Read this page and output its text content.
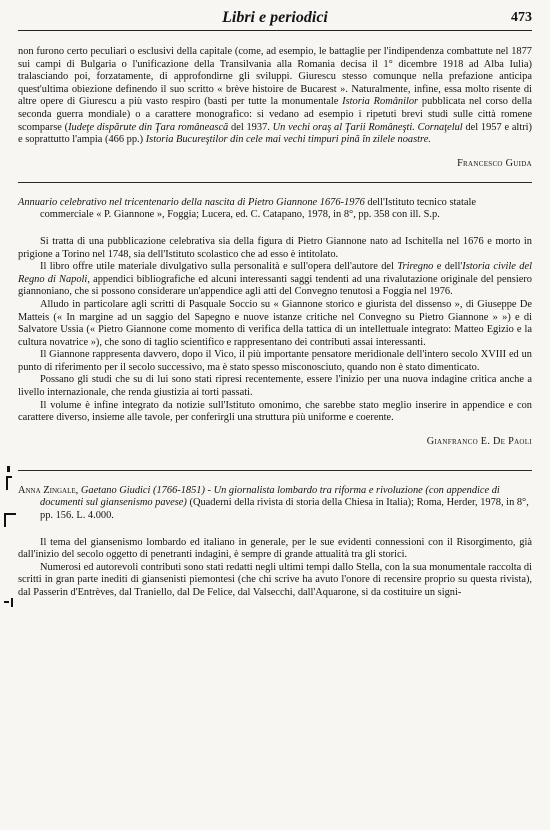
Libri e periodici	473

non furono certo peculiari o esclusivi della capitale (come, ad esempio, le battaglie per l'indipendenza combattute nel 1877 sui campi di Bulgaria o l'unificazione della Transilvania alla Romania decisa il 1° dicembre 1918 ad Alba Iulia) tralasciando poi, forzatamente, di approfondirne gli sviluppi. Giurescu stesso comunque nella prefazione anticipa quest'ultima obiezione definendo il suo scritto « brève histoire de Bucarest ». Naturalmente, infine, essa molto risente di altre opere di Giurescu a più vasto respiro (basti per tutte la monumentale Istoria Românilor pubblicata nel corso della seconda guerra mondiale) o a carattere monografico: si vedano ad esempio i ripetuti brevi studi sulle città romene scomparse (Iudeţe dispărute din Ţara românească del 1937. Un vechi oraş al Ţarii Româneşti. Cornaţelul del 1957 e altri) e soprattutto l'ampia (466 pp.) Istoria Bucureştilor din cele mai vechi timpuri pină în zilele noastre.

Francesco Guida

Annuario celebrativo nel tricentenario della nascita di Pietro Giannone 1676-1976 dell'Istituto tecnico statale commerciale « P. Giannone », Foggia; Lucera, ed. C. Catapano, 1978, in 8°, pp. 358 con ill. S.p.

Si tratta di una pubblicazione celebrativa sia della figura di Pietro Giannone nato ad Ischitella nel 1676 e morto in prigione a Torino nel 1748, sia dell'Istituto scolastico che ad esso è intitolato.

Il libro offre utile materiale divulgativo sulla personalità e sull'opera dell'autore del Triregno e dell'Istoria civile del Regno di Napoli, appendici bibliografiche ed alcuni interessanti saggi tendenti ad una rivalutazione originale del pensiero giannoniano, che si possono considerare un'appendice agli atti del Convegno tenutosi a Foggia nel 1976.

Alludo in particolare agli scritti di Pasquale Soccio su « Giannone storico e giurista del dissenso », di Giuseppe De Matteis (« In margine ad un saggio del Sapegno e nuove istanze critiche nel Convegno su Pietro Giannone » ») e di Salvatore Ussia (« Pietro Giannone come momento di verifica della tattica di un intellettuale integrato: Matteo Egizio e la cultura novatrice »), che sono di taglio scientifico e rappresentano dei contributi assai interessanti.

Il Giannone rappresenta davvero, dopo il Vico, il più importante pensatore meridionale dell'intero secolo XVIII ed un punto di riferimento per il secolo successivo, ma è stato spesso misconosciuto, quando non è stato dimenticato.

Possano gli studi che su di lui sono stati ripresi recentemente, essere l'inizio per una nuova indagine critica anche a livello internazionale, che renda giustizia ai torti passati.

Il volume è infine integrato da notizie sull'Istituto omonimo, che sarebbe stato meglio inserire in appendice e con carattere diverso, insieme alle tavole, per conferirgli una struttura più uniforme e coerente.

Gianfranco E. De Paoli

Anna Zingale, Gaetano Giudici (1766-1851) - Un giornalista lombardo tra riforma e rivoluzione (con appendice di documenti sul giansenismo pavese) (Quaderni della rivista di storia della Chiesa in Italia); Roma, Herder, 1978, in 8°, pp. 156. L. 4.000.

Il tema del giansenismo lombardo ed italiano in generale, per le sue evidenti connessioni con il Risorgimento, già dall'inizio del secolo oggetto di penetranti indagini, è sempre di grande attualità tra gli storici.

Numerosi ed autorevoli contributi sono stati redatti negli ultimi tempi dallo Stella, con la sua monumentale raccolta di scritti in gran parte inediti di giansenisti piemontesi (che chi scrive ha avuto l'onore di recensire proprio su questa rivista), dal Passerin d'Entrèves, dal Traniello, dal De Felice, dal Valsecchi, dall'Aquarone, si da costituire un signi-
